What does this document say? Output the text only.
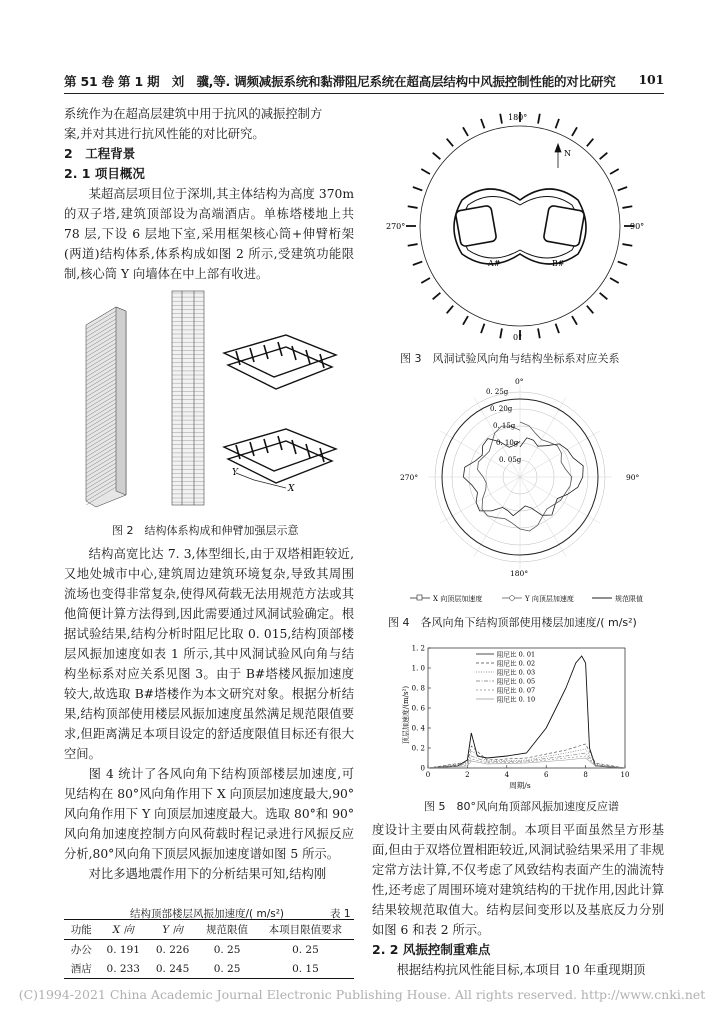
第 51 卷 第 1 期　刘　骥,等. 调频减振系统和黏滞阻尼系统在超高层结构中风振控制性能的对比研究 101

系统作为在超高层建筑中用于抗风的减振控制方

案,并对其进行抗风性能的对比研究。

2　工程背景

2. 1 项目概况

某超高层项目位于深圳,其主体结构为高度 370m 的双子塔,建筑顶部设为高端酒店。单栋塔楼地上共 78 层,下设 6 层地下室,采用框架核心筒+伸臂桁架(两道)结构体系,体系构成如图 2 所示,受建筑功能限制,核心筒 Y 向墙体在中上部有收进。

Y
X
图 2　结构体系构成和伸臂加强层示意

结构高宽比达 7. 3,体型细长,由于双塔相距较近,又地处城市中心,建筑周边建筑环境复杂,导致其周围流场也变得非常复杂,使得风荷载无法用规范方法或其他简便计算方法得到,因此需要通过风洞试验确定。根据试验结果,结构分析时阻尼比取 0. 015,结构顶部楼层风振加速度如表 1 所示,其中风洞试验风向角与结构坐标系对应关系见图 3。由于 B#塔楼风振加速度较大,故选取 B#塔楼作为本文研究对象。根据分析结果,结构顶部使用楼层风振加速度虽然满足规范限值要求,但距离满足本项目设定的舒适度限值目标还有很大空间。

图 4 统计了各风向角下结构顶部楼层加速度,可见结构在 80°风向角作用下 X 向顶层加速度最大,90°风向角作用下 Y 向顶层加速度最大。选取 80°和 90°风向角加速度控制方向风荷载时程记录进行风振反应分析,80°风向角下顶层风振加速度谱如图 5 所示。

对比多遇地震作用下的分析结果可知,结构刚

结构顶部楼层风振加速度/( m/s²)	表 1
功能	X 向	Y 向	规范限值	本项目限值要求
办公	0. 191	0. 226	0. 25	0. 25
酒店	0. 233	0. 245	0. 25	0. 15
N
180°
270°	90°
0°
A#	B#
图 3　风洞试验风向角与结构坐标系对应关系
0°
90°
180°
270°
0. 25g
0. 20g
0. 15g
0. 10g
0. 05g
X 向顶层加速度	Y 向顶层加速度	规范限值
图 4　各风向角下结构顶部使用楼层加速度/( m/s²)
0	2	4	6	8	10
0
0. 2
0. 4
0. 6
0. 8
1. 0
1. 2
阻尼比 0. 01
阻尼比 0. 02
阻尼比 0. 03
阻尼比 0. 05
阻尼比 0. 07
阻尼比 0. 10
周期/s
顶层加速度/(m/s²)
图 5　80°风向角顶部风振加速度反应谱

度设计主要由风荷载控制。本项目平面虽然呈方形基面,但由于双塔位置相距较近,风洞试验结果采用了非规定常方法计算,不仅考虑了风致结构表面产生的湍流特性,还考虑了周围环境对建筑结构的干扰作用,因此计算结果较规范取值大。结构层间变形以及基底反力分别如图 6 和表 2 所示。

2. 2 风振控制重难点

根据结构抗风性能目标,本项目 10 年重现期顶

(C)1994-2021 China Academic Journal Electronic Publishing House. All rights reserved. http://www.cnki.net
